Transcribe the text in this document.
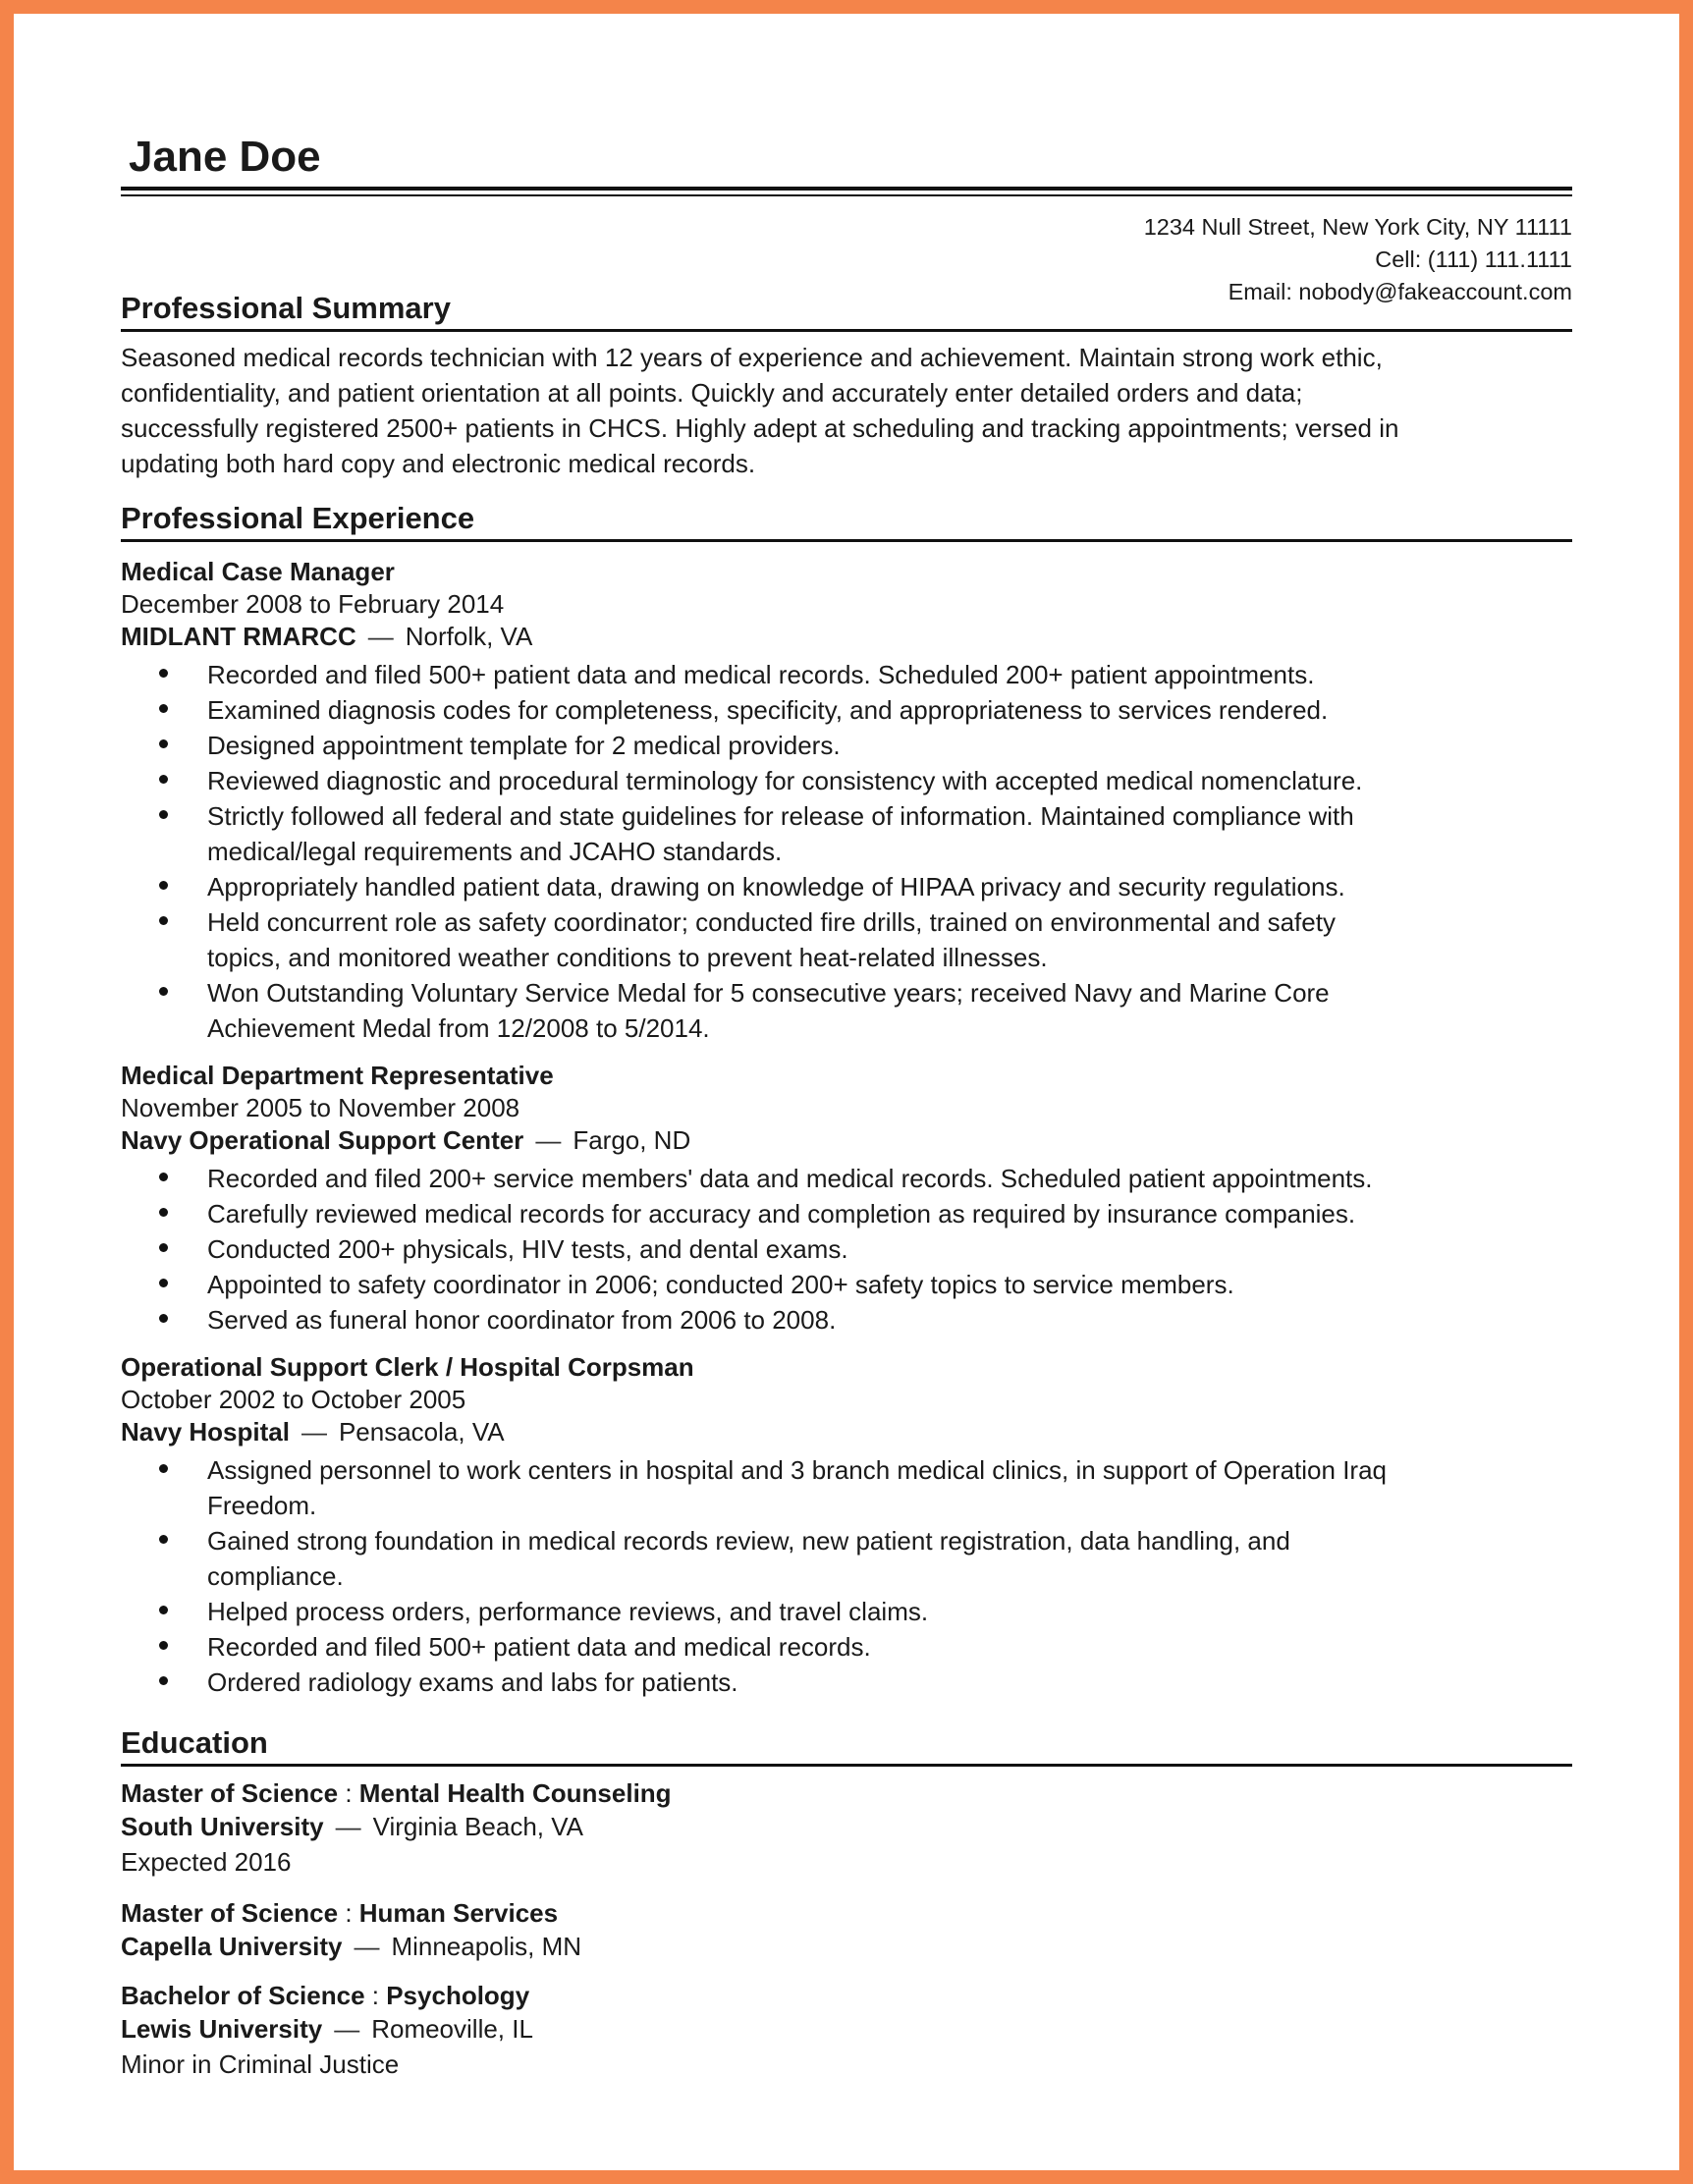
Jane Doe
1234 Null Street, New York City, NY 11111
Cell: (111) 111.1111
Email: nobody@fakeaccount.com
Professional Summary
Seasoned medical records technician with 12 years of experience and achievement. Maintain strong work ethic,
confidentiality, and patient orientation at all points. Quickly and accurately enter detailed orders and data;
successfully registered 2500+ patients in CHCS. Highly adept at scheduling and tracking appointments; versed in
updating both hard copy and electronic medical records.
Professional Experience
Medical Case Manager
December 2008 to February 2014
MIDLANT RMARCC — Norfolk, VA
Recorded and filed 500+ patient data and medical records. Scheduled 200+ patient appointments.
Examined diagnosis codes for completeness, specificity, and appropriateness to services rendered.
Designed appointment template for 2 medical providers.
Reviewed diagnostic and procedural terminology for consistency with accepted medical nomenclature.
Strictly followed all federal and state guidelines for release of information. Maintained compliance with
medical/legal requirements and JCAHO standards.
Appropriately handled patient data, drawing on knowledge of HIPAA privacy and security regulations.
Held concurrent role as safety coordinator; conducted fire drills, trained on environmental and safety
topics, and monitored weather conditions to prevent heat-related illnesses.
Won Outstanding Voluntary Service Medal for 5 consecutive years; received Navy and Marine Core
Achievement Medal from 12/2008 to 5/2014.
Medical Department Representative
November 2005 to November 2008
Navy Operational Support Center — Fargo, ND
Recorded and filed 200+ service members' data and medical records. Scheduled patient appointments.
Carefully reviewed medical records for accuracy and completion as required by insurance companies.
Conducted 200+ physicals, HIV tests, and dental exams.
Appointed to safety coordinator in 2006; conducted 200+ safety topics to service members.
Served as funeral honor coordinator from 2006 to 2008.
Operational Support Clerk / Hospital Corpsman
October 2002 to October 2005
Navy Hospital — Pensacola, VA
Assigned personnel to work centers in hospital and 3 branch medical clinics, in support of Operation Iraq
Freedom.
Gained strong foundation in medical records review, new patient registration, data handling, and
compliance.
Helped process orders, performance reviews, and travel claims.
Recorded and filed 500+ patient data and medical records.
Ordered radiology exams and labs for patients.
Education
Master of Science : Mental Health Counseling
South University — Virginia Beach, VA
Expected 2016
Master of Science : Human Services
Capella University — Minneapolis, MN
Bachelor of Science : Psychology
Lewis University — Romeoville, IL
Minor in Criminal Justice
